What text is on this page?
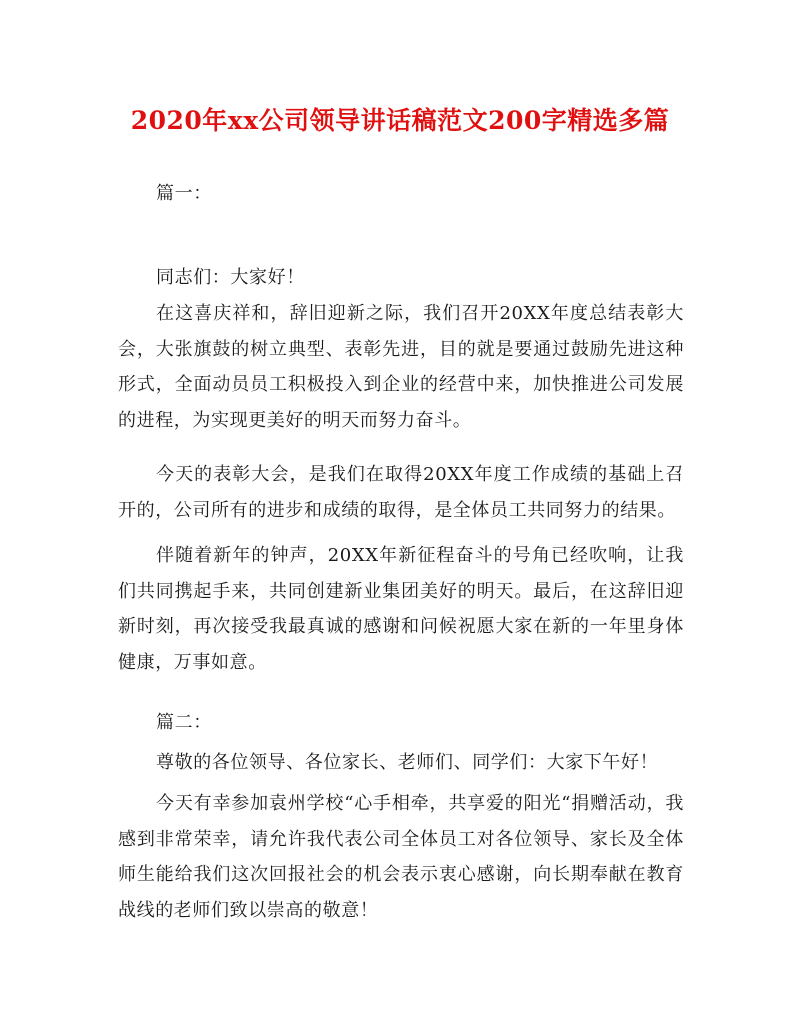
2020年xx公司领导讲话稿范文200字精选多篇
篇一：
同志们：大家好！

在这喜庆祥和，辞旧迎新之际，我们召开20XX年度总结表彰大会，大张旗鼓的树立典型、表彰先进，目的就是要通过鼓励先进这种形式，全面动员员工积极投入到企业的经营中来，加快推进公司发展的进程，为实现更美好的明天而努力奋斗。

今天的表彰大会，是我们在取得20XX年度工作成绩的基础上召开的，公司所有的进步和成绩的取得，是全体员工共同努力的结果。

伴随着新年的钟声，20XX年新征程奋斗的号角已经吹响，让我们共同携起手来，共同创建新业集团美好的明天。最后，在这辞旧迎新时刻，再次接受我最真诚的感谢和问候祝愿大家在新的一年里身体健康，万事如意。

篇二：
尊敬的各位领导、各位家长、老师们、同学们：大家下午好！

今天有幸参加袁州学校“心手相牵，共享爱的阳光“捐赠活动，我感到非常荣幸，请允许我代表公司全体员工对各位领导、家长及全体师生能给我们这次回报社会的机会表示衷心感谢，向长期奉献在教育战线的老师们致以崇高的敬意！
